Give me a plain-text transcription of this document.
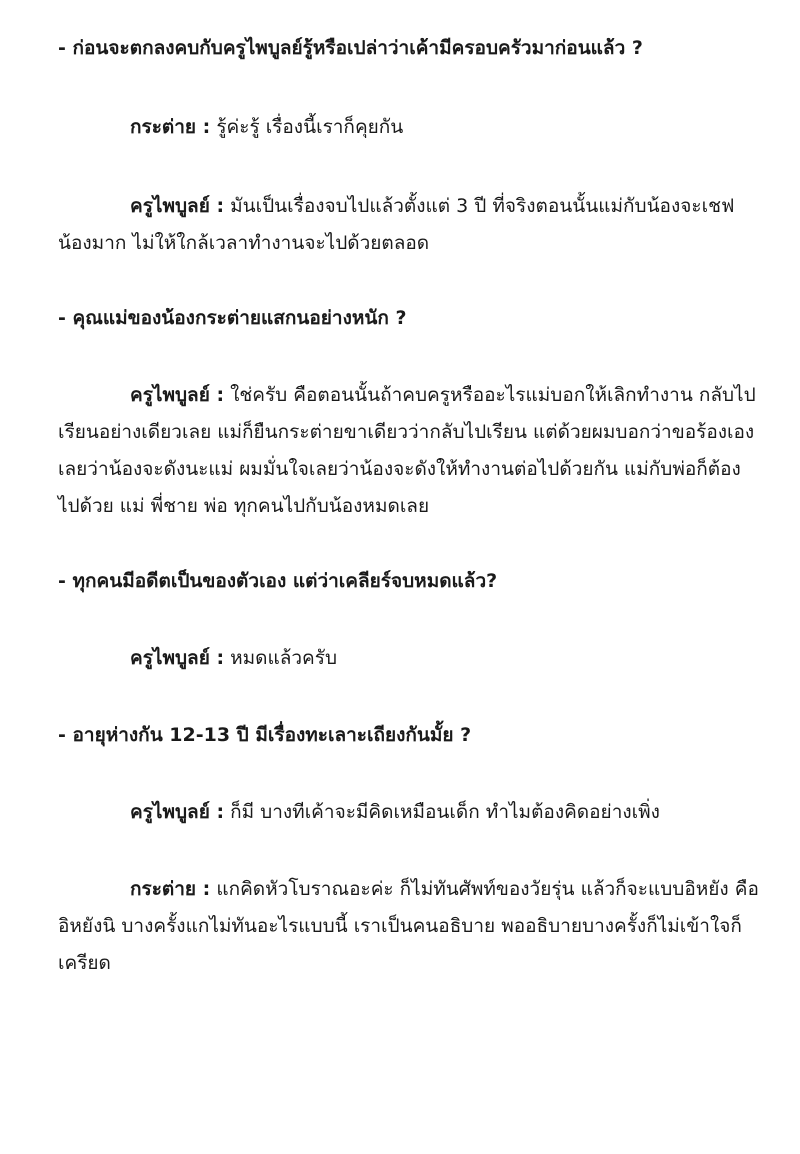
- ก่อนจะตกลงคบกับครูไพบูลย์รู้หรือเปล่าว่าเค้ามีครอบครัวมาก่อนแล้ว ?

กระต่าย : รู้ค่ะรู้ เรื่องนี้เราก็คุยกัน

ครูไพบูลย์ : มันเป็นเรื่องจบไปแล้วตั้งแต่ 3 ปี ที่จริงตอนนั้นแม่กับน้องจะเชฟน้องมาก ไม่ให้ใกล้เวลาทำงานจะไปด้วยตลอด

- คุณแม่ของน้องกระต่ายแสกนอย่างหนัก ?

ครูไพบูลย์ : ใช่ครับ คือตอนนั้นถ้าคบครูหรืออะไรแม่บอกให้เลิกทำงาน กลับไปเรียนอย่างเดียวเลย แม่ก็ยืนกระต่ายขาเดียวว่ากลับไปเรียน แต่ด้วยผมบอกว่าขอร้องเองเลยว่าน้องจะดังนะแม่ ผมมั่นใจเลยว่าน้องจะดังให้ทำงานต่อไปด้วยกัน แม่กับพ่อก็ต้องไปด้วย แม่ พี่ชาย พ่อ ทุกคนไปกับน้องหมดเลย

- ทุกคนมีอดีตเป็นของตัวเอง แต่ว่าเคลียร์จบหมดแล้ว?

ครูไพบูลย์ : หมดแล้วครับ

- อายุห่างกัน 12-13 ปี มีเรื่องทะเลาะเถียงกันมั้ย ?

ครูไพบูลย์ : ก็มี บางทีเค้าจะมีคิดเหมือนเด็ก ทำไมต้องคิดอย่างเพิ่ง

กระต่าย : แกคิดหัวโบราณอะค่ะ ก็ไม่ทันศัพท์ของวัยรุ่น แล้วก็จะแบบอิหยัง คืออิหยังนิ บางครั้งแกไม่ทันอะไรแบบนี้ เราเป็นคนอธิบาย พออธิบายบางครั้งก็ไม่เข้าใจก็เครียด
